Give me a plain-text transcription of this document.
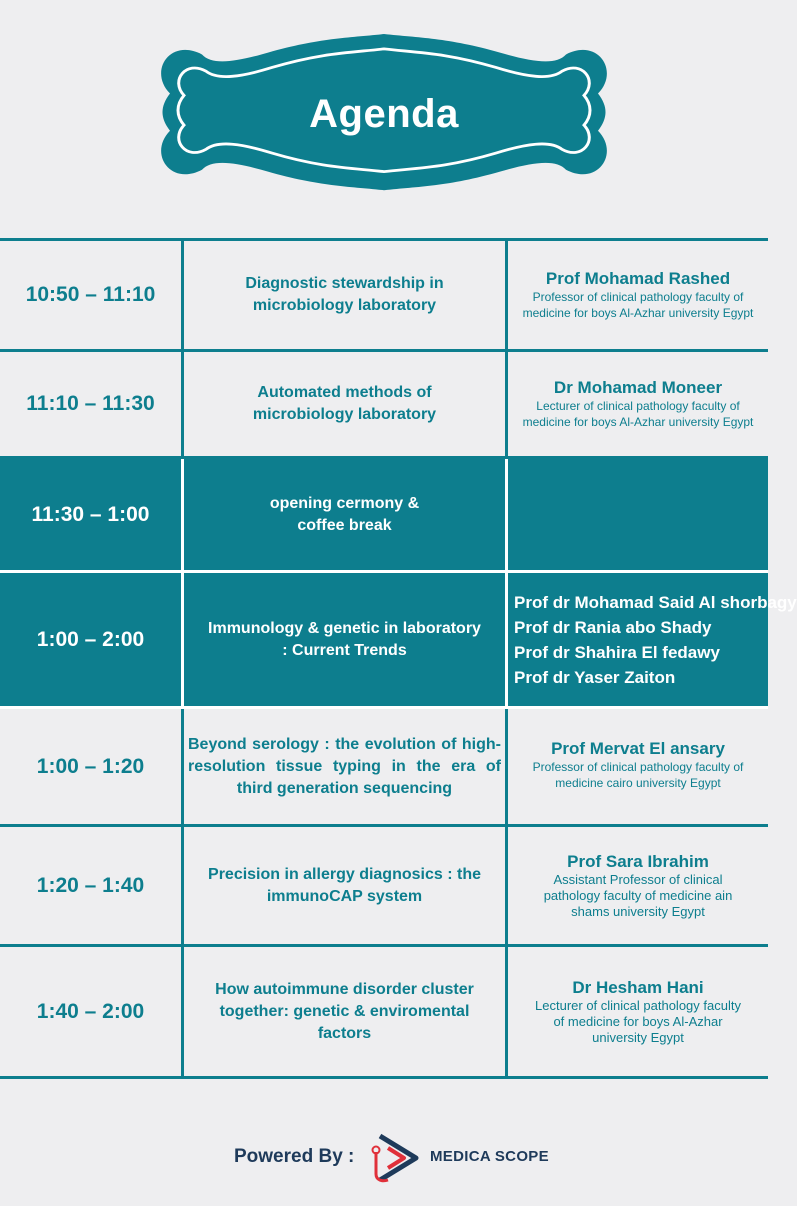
Agenda
10:50 – 11:10	Diagnostic stewardship in microbiology laboratory	Prof Mohamad Rashed
Professor of clinical pathology faculty of medicine for boys Al-Azhar university Egypt

11:10 – 11:30	Automated methods of microbiology laboratory	Dr Mohamad Moneer
Lecturer of clinical pathology faculty of medicine for boys Al-Azhar university Egypt

11:30 – 1:00	opening cermony & coffee break	
1:00 – 2:00	Immunology & genetic in laboratory : Current Trends	Prof dr Mohamad Said Al shorbagy
Prof dr Rania abo Shady
Prof dr Shahira El fedawy
Prof dr Yaser Zaiton

1:00 – 1:20	Beyond serology : the evolution of high-resolution tissue typing in the era of third generation sequencing	Prof Mervat El ansary
Professor of clinical pathology faculty of medicine cairo university Egypt

1:20 – 1:40	Precision in allergy diagnosics : the immunoCAP system	Prof Sara Ibrahim
Assistant Professor of clinical pathology faculty of medicine ain shams university Egypt

1:40 – 2:00	How autoimmune disorder cluster together: genetic & enviromental factors	Dr Hesham Hani
Lecturer of clinical pathology faculty of medicine for boys Al-Azhar university Egypt
Powered By :	MEDICA SCOPE
